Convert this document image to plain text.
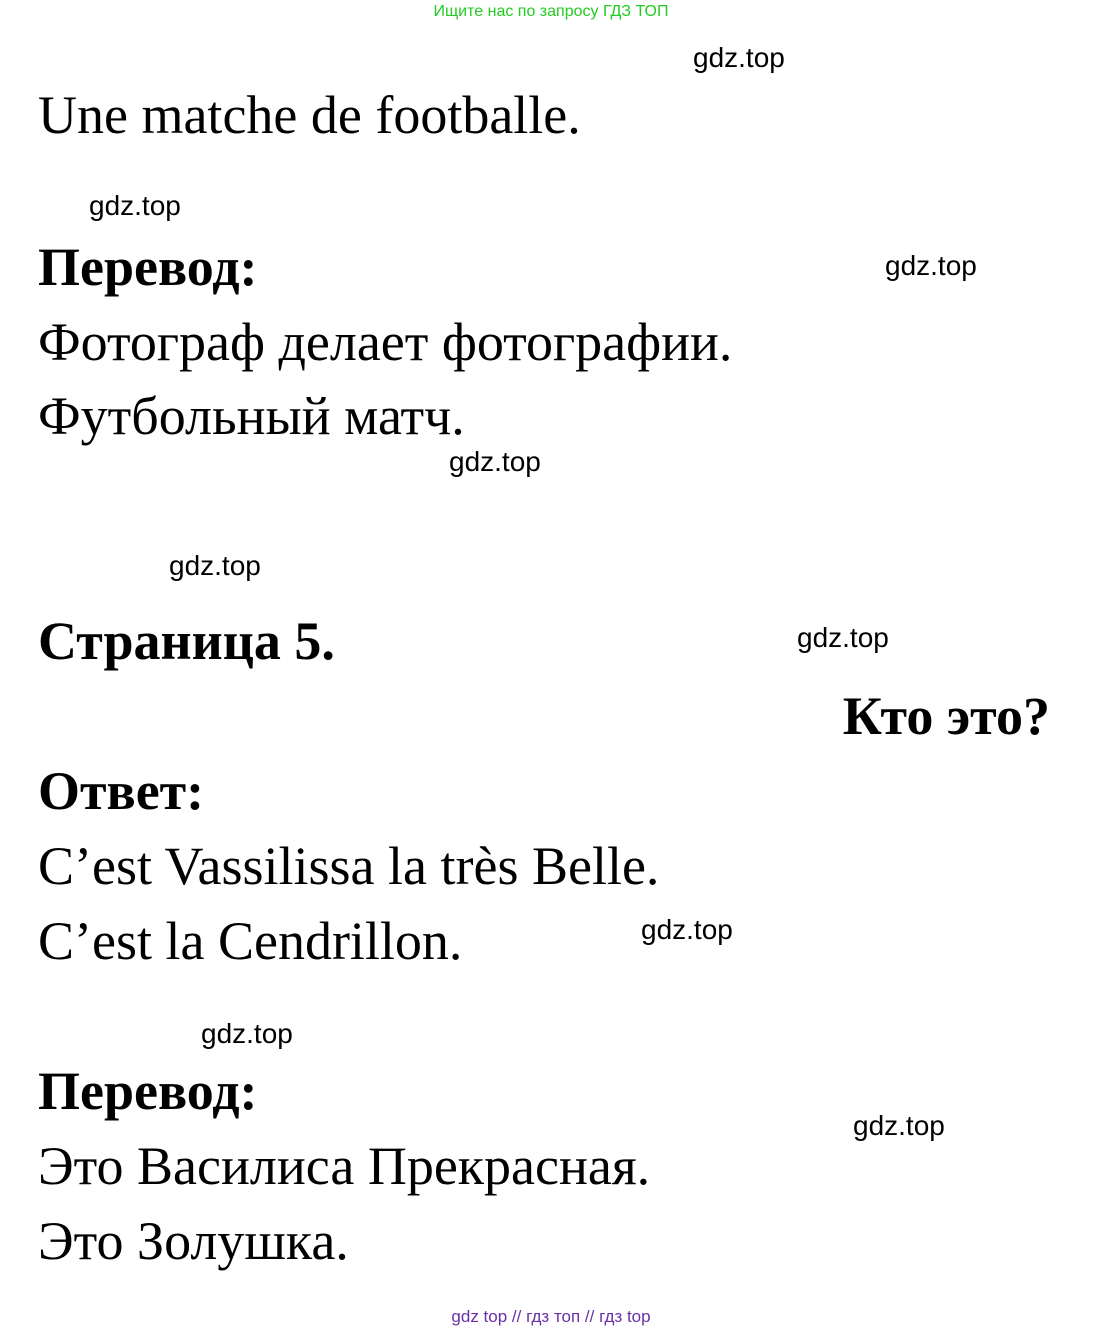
Ищите нас по запросу ГДЗ ТОП
gdz.top
Une matche de footballe.
gdz.top
Перевод:	gdz.top
Фотограф делает фотографии.
Футбольный матч.
gdz.top
gdz.top
Страница 5.	gdz.top
Кто это?
Ответ:
C’est Vassilissa la très Belle.
C’est la Cendrillon.	gdz.top
gdz.top
Перевод:
gdz.top
Это Василиса Прекрасная.
Это Золушка.
gdz top // гдз топ // гдз top
